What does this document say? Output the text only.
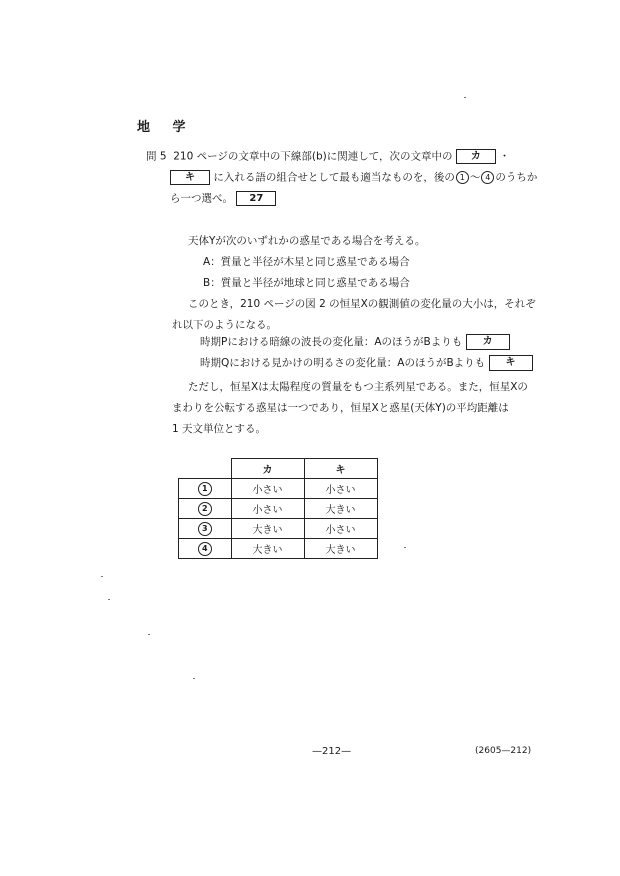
地 学
問 5 210 ページの文章中の下線部(b)に関連して，次の文章中の カ ・
キ に入れる語の組合せとして最も適当なものを，後の 1 ～ 4 のうちか
ら一つ選べ。 27
天体Yが次のいずれかの惑星である場合を考える。
A：質量と半径が木星と同じ惑星である場合
B：質量と半径が地球と同じ惑星である場合
このとき，210 ページの図 2 の恒星Xの観測値の変化量の大小は，それぞ
れ以下のようになる。
時期Pにおける暗線の波長の変化量：AのほうがBよりも カ
時期Qにおける見かけの明るさの変化量：AのほうがBよりも キ
ただし，恒星Xは太陽程度の質量をもつ主系列星である。また，恒星Xの
まわりを公転する惑星は一つであり，恒星Xと惑星(天体Y)の平均距離は
1 天文単位とする。
	カ	キ
1	小さい	小さい
2	小さい	大きい
3	大きい	小さい
4	大きい	大きい
—212—	(2605—212)
